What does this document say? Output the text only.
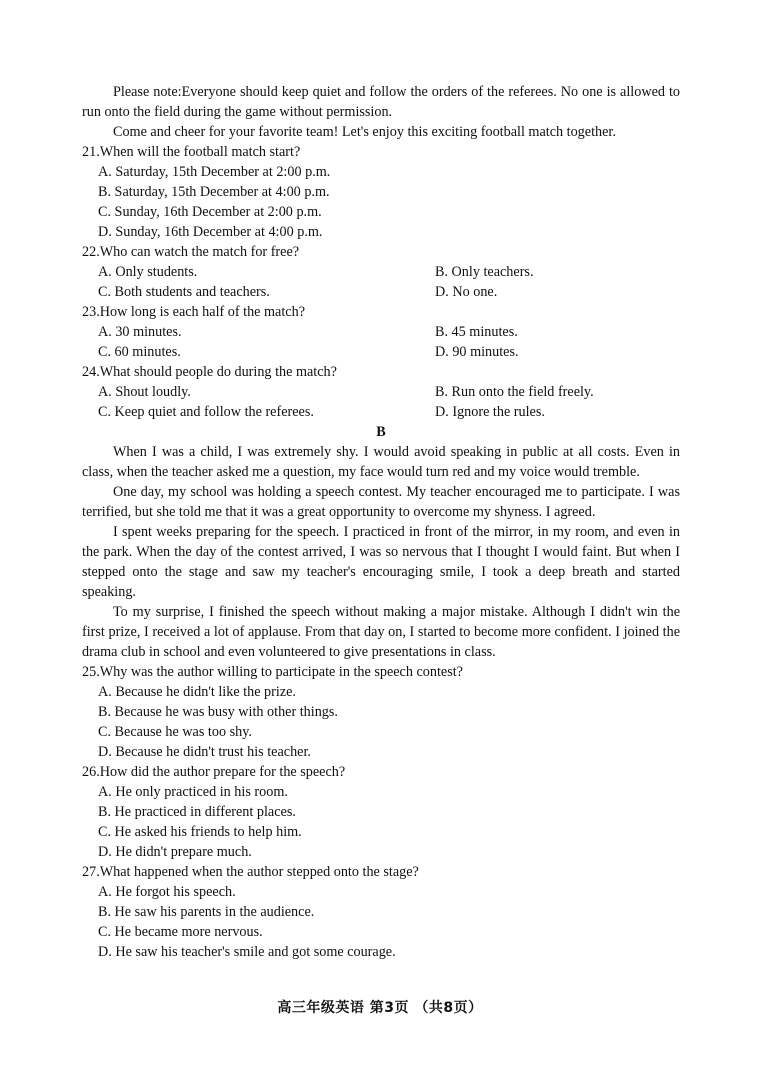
Please note:Everyone should keep quiet and follow the orders of the referees. No one is allowed to run onto the field during the game without permission.
Come and cheer for your favorite team! Let's enjoy this exciting football match together.
21.When will the football match start?
A. Saturday, 15th December at 2:00 p.m.
B. Saturday, 15th December at 4:00 p.m.
C. Sunday, 16th December at 2:00 p.m.
D. Sunday, 16th December at 4:00 p.m.
22.Who can watch the match for free?
A. Only students.	B. Only teachers.
C. Both students and teachers.	D. No one.
23.How long is each half of the match?
A. 30 minutes.	B. 45 minutes.
C. 60 minutes.	D. 90 minutes.
24.What should people do during the match?
A. Shout loudly.	B. Run onto the field freely.
C. Keep quiet and follow the referees.	D. Ignore the rules.
B
When I was a child, I was extremely shy. I would avoid speaking in public at all costs. Even in class, when the teacher asked me a question, my face would turn red and my voice would tremble.
One day, my school was holding a speech contest. My teacher encouraged me to participate. I was terrified, but she told me that it was a great opportunity to overcome my shyness. I agreed.
I spent weeks preparing for the speech. I practiced in front of the mirror, in my room, and even in the park. When the day of the contest arrived, I was so nervous that I thought I would faint. But when I stepped onto the stage and saw my teacher's encouraging smile, I took a deep breath and started speaking.
To my surprise, I finished the speech without making a major mistake. Although I didn't win the first prize, I received a lot of applause. From that day on, I started to become more confident. I joined the drama club in school and even volunteered to give presentations in class.
25.Why was the author willing to participate in the speech contest?
A. Because he didn't like the prize.
B. Because he was busy with other things.
C. Because he was too shy.
D. Because he didn't trust his teacher.
26.How did the author prepare for the speech?
A. He only practiced in his room.
B. He practiced in different places.
C. He asked his friends to help him.
D. He didn't prepare much.
27.What happened when the author stepped onto the stage?
A. He forgot his speech.
B. He saw his parents in the audience.
C. He became more nervous.
D. He saw his teacher's smile and got some courage.
高三年级英语 第3页 （共8页）
